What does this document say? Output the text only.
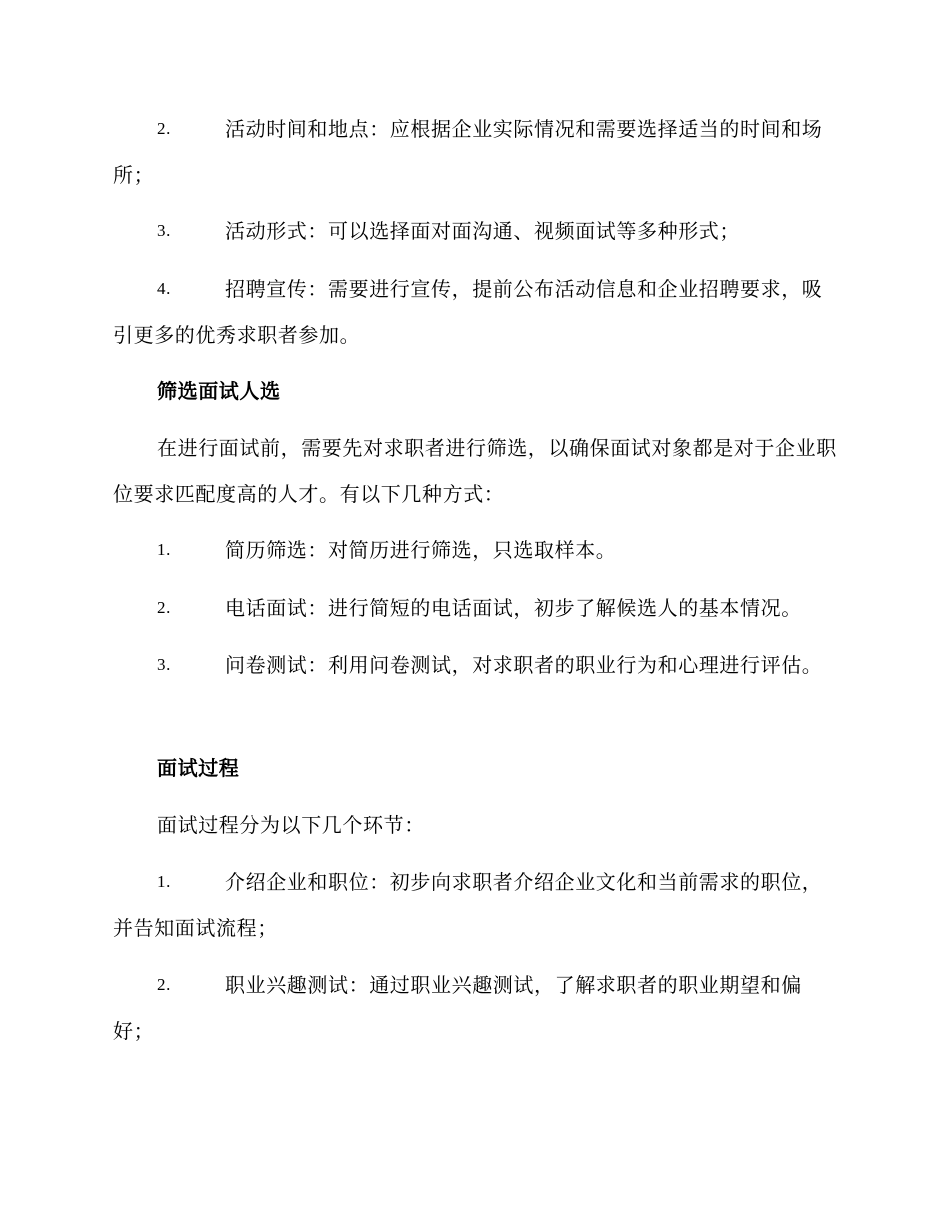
2.	活动时间和地点：应根据企业实际情况和需要选择适当的时间和场所；
3.	活动形式：可以选择面对面沟通、视频面试等多种形式；
4.	招聘宣传：需要进行宣传，提前公布活动信息和企业招聘要求，吸引更多的优秀求职者参加。
筛选面试人选
在进行面试前，需要先对求职者进行筛选，以确保面试对象都是对于企业职位要求匹配度高的人才。有以下几种方式：
1.	简历筛选：对简历进行筛选，只选取样本。
2.	电话面试：进行简短的电话面试，初步了解候选人的基本情况。
3.	问卷测试：利用问卷测试，对求职者的职业行为和心理进行评估。
面试过程
面试过程分为以下几个环节：
1.	介绍企业和职位：初步向求职者介绍企业文化和当前需求的职位，并告知面试流程；
2.	职业兴趣测试：通过职业兴趣测试，了解求职者的职业期望和偏好；
